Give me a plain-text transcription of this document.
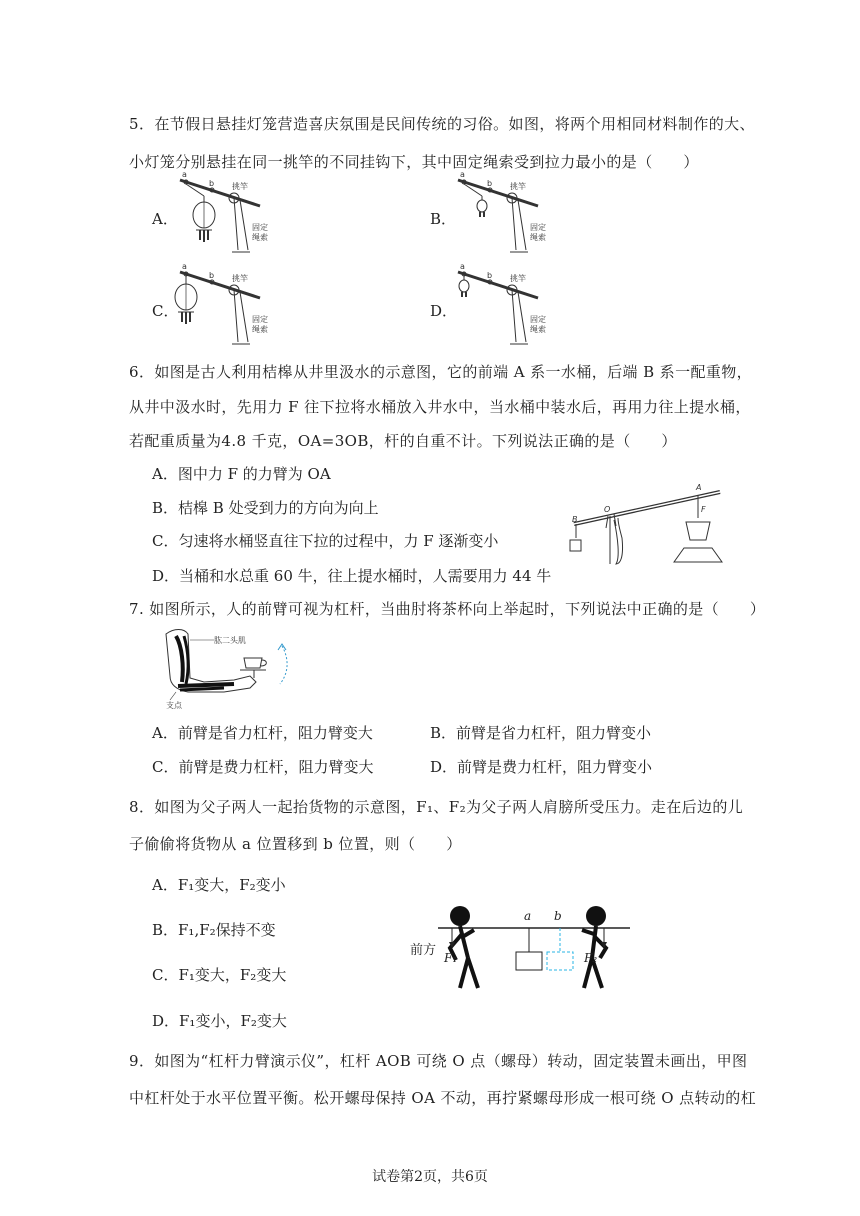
5．在节假日悬挂灯笼营造喜庆氛围是民间传统的习俗。如图，将两个用相同材料制作的大、
小灯笼分别悬挂在同一挑竿的不同挂钩下，其中固定绳索受到拉力最小的是（　　）
A．	B．
C．	D．
a
b 挑竿
固定
绳索
a
b 挑竿
固定
绳索
a
b 挑竿
固定
绳索
a
b 挑竿
固定
绳索
6．如图是古人利用桔槔从井里汲水的示意图，它的前端 A 系一水桶，后端 B 系一配重物，
从井中汲水时，先用力 F 往下拉将水桶放入井水中，当水桶中装水后，再用力往上提水桶，
若配重质量为4.8 千克，OA=3OB，杆的自重不计。下列说法正确的是（　　）
A．图中力 F 的力臂为 OA
B．桔槔 B 处受到力的方向为向上
C．匀速将水桶竖直往下拉的过程中，力 F 逐渐变小
D．当桶和水总重 60 牛，往上提水桶时，人需要用力 44 牛
B
A
O	F
7. 如图所示，人的前臂可视为杠杆，当曲肘将茶杯向上举起时，下列说法中正确的是（　　）
肱二头肌
支点
A．前臂是省力杠杆，阻力臂变大	B．前臂是省力杠杆，阻力臂变小
C．前臂是费力杠杆，阻力臂变大	D．前臂是费力杠杆，阻力臂变小
8．如图为父子两人一起抬货物的示意图，F₁、F₂为父子两人肩膀所受压力。走在后边的儿
子偷偷将货物从 a 位置移到 b 位置，则（　　）
A．F₁变大，F₂变小
B．F₁,F₂保持不变
C．F₁变大，F₂变大
D．F₁变小，F₂变大
前方 F₁
a b
F₂
9．如图为“杠杆力臂演示仪”，杠杆 AOB 可绕 O 点（螺母）转动，固定装置未画出，甲图
中杠杆处于水平位置平衡。松开螺母保持 OA 不动，再拧紧螺母形成一根可绕 O 点转动的杠
试卷第2页，共6页
